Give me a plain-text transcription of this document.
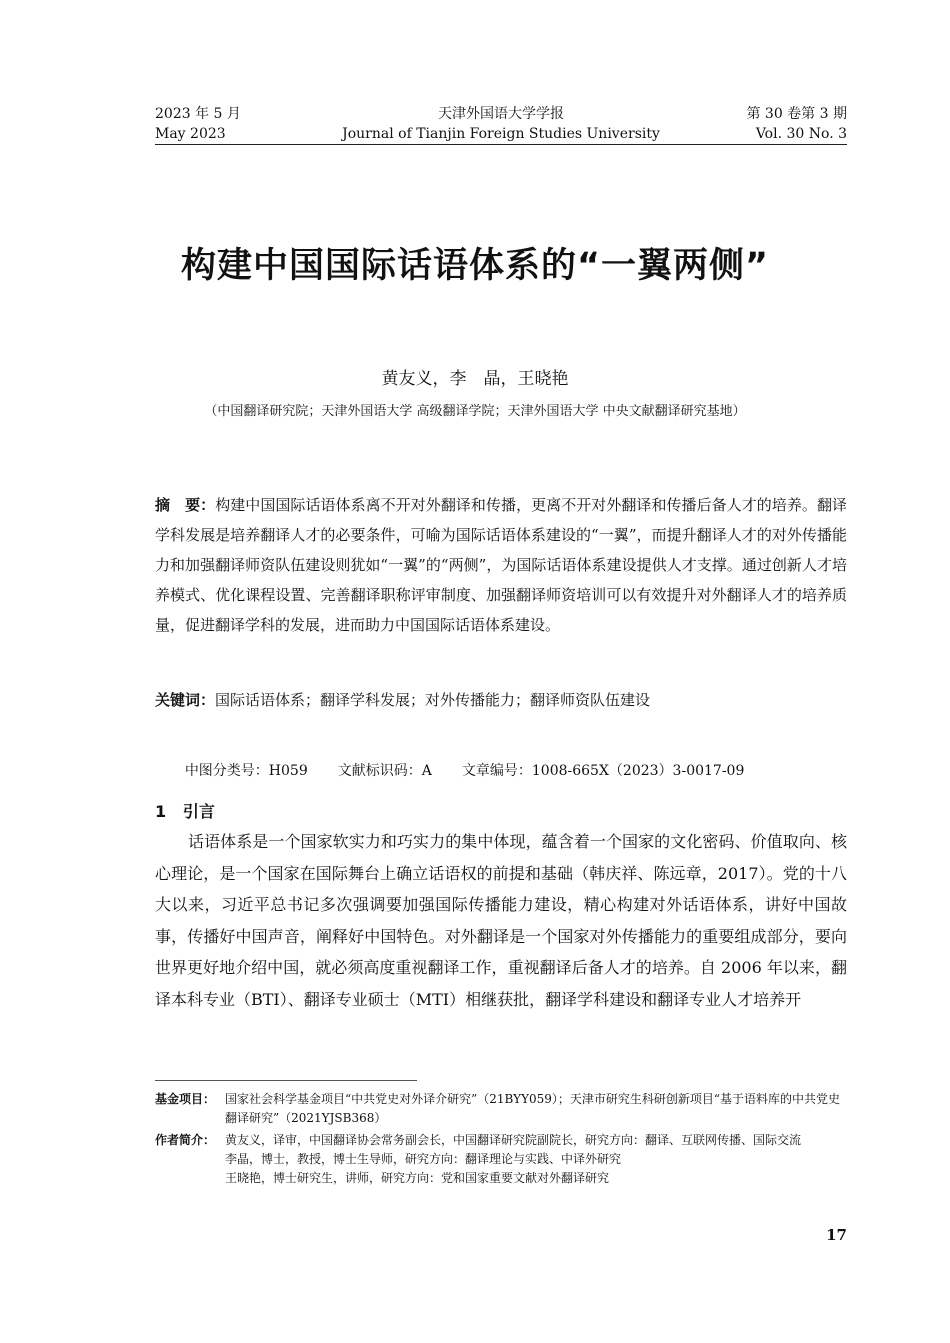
2023 年 5 月	天津外国语大学学报	第 30 卷第 3 期
May 2023	Journal of Tianjin Foreign Studies University	Vol. 30 No. 3
构建中国国际话语体系的“一翼两侧”
黄友义，李　晶，王晓艳
（中国翻译研究院；天津外国语大学 高级翻译学院；天津外国语大学 中央文献翻译研究基地）
摘　要：构建中国国际话语体系离不开对外翻译和传播，更离不开对外翻译和传播后备人才的培养。翻译学科发展是培养翻译人才的必要条件，可喻为国际话语体系建设的“一翼”，而提升翻译人才的对外传播能力和加强翻译师资队伍建设则犹如“一翼”的“两侧”，为国际话语体系建设提供人才支撑。通过创新人才培养模式、优化课程设置、完善翻译职称评审制度、加强翻译师资培训可以有效提升对外翻译人才的培养质量，促进翻译学科的发展，进而助力中国国际话语体系建设。
关键词：国际话语体系；翻译学科发展；对外传播能力；翻译师资队伍建设

中图分类号：H059 文献标识码：A 文章编号：1008-665X（2023）3-0017-09

1 引言
话语体系是一个国家软实力和巧实力的集中体现，蕴含着一个国家的文化密码、价值取向、核心理论，是一个国家在国际舞台上确立话语权的前提和基础（韩庆祥、陈远章，2017）。党的十八大以来，习近平总书记多次强调要加强国际传播能力建设，精心构建对外话语体系，讲好中国故事，传播好中国声音，阐释好中国特色。对外翻译是一个国家对外传播能力的重要组成部分，要向世界更好地介绍中国，就必须高度重视翻译工作，重视翻译后备人才的培养。自 2006 年以来，翻译本科专业（BTI）、翻译专业硕士（MTI）相继获批，翻译学科建设和翻译专业人才培养开
基金项目： 国家社会科学基金项目“中共党史对外译介研究”（21BYY059）；天津市研究生科研创新项目“基于语料库的中共党史翻译研究”（2021YJSB368）
作者简介： 黄友义，译审，中国翻译协会常务副会长，中国翻译研究院副院长，研究方向：翻译、互联网传播、国际交流
李晶，博士，教授，博士生导师，研究方向：翻译理论与实践、中译外研究
王晓艳，博士研究生，讲师，研究方向：党和国家重要文献对外翻译研究
17
